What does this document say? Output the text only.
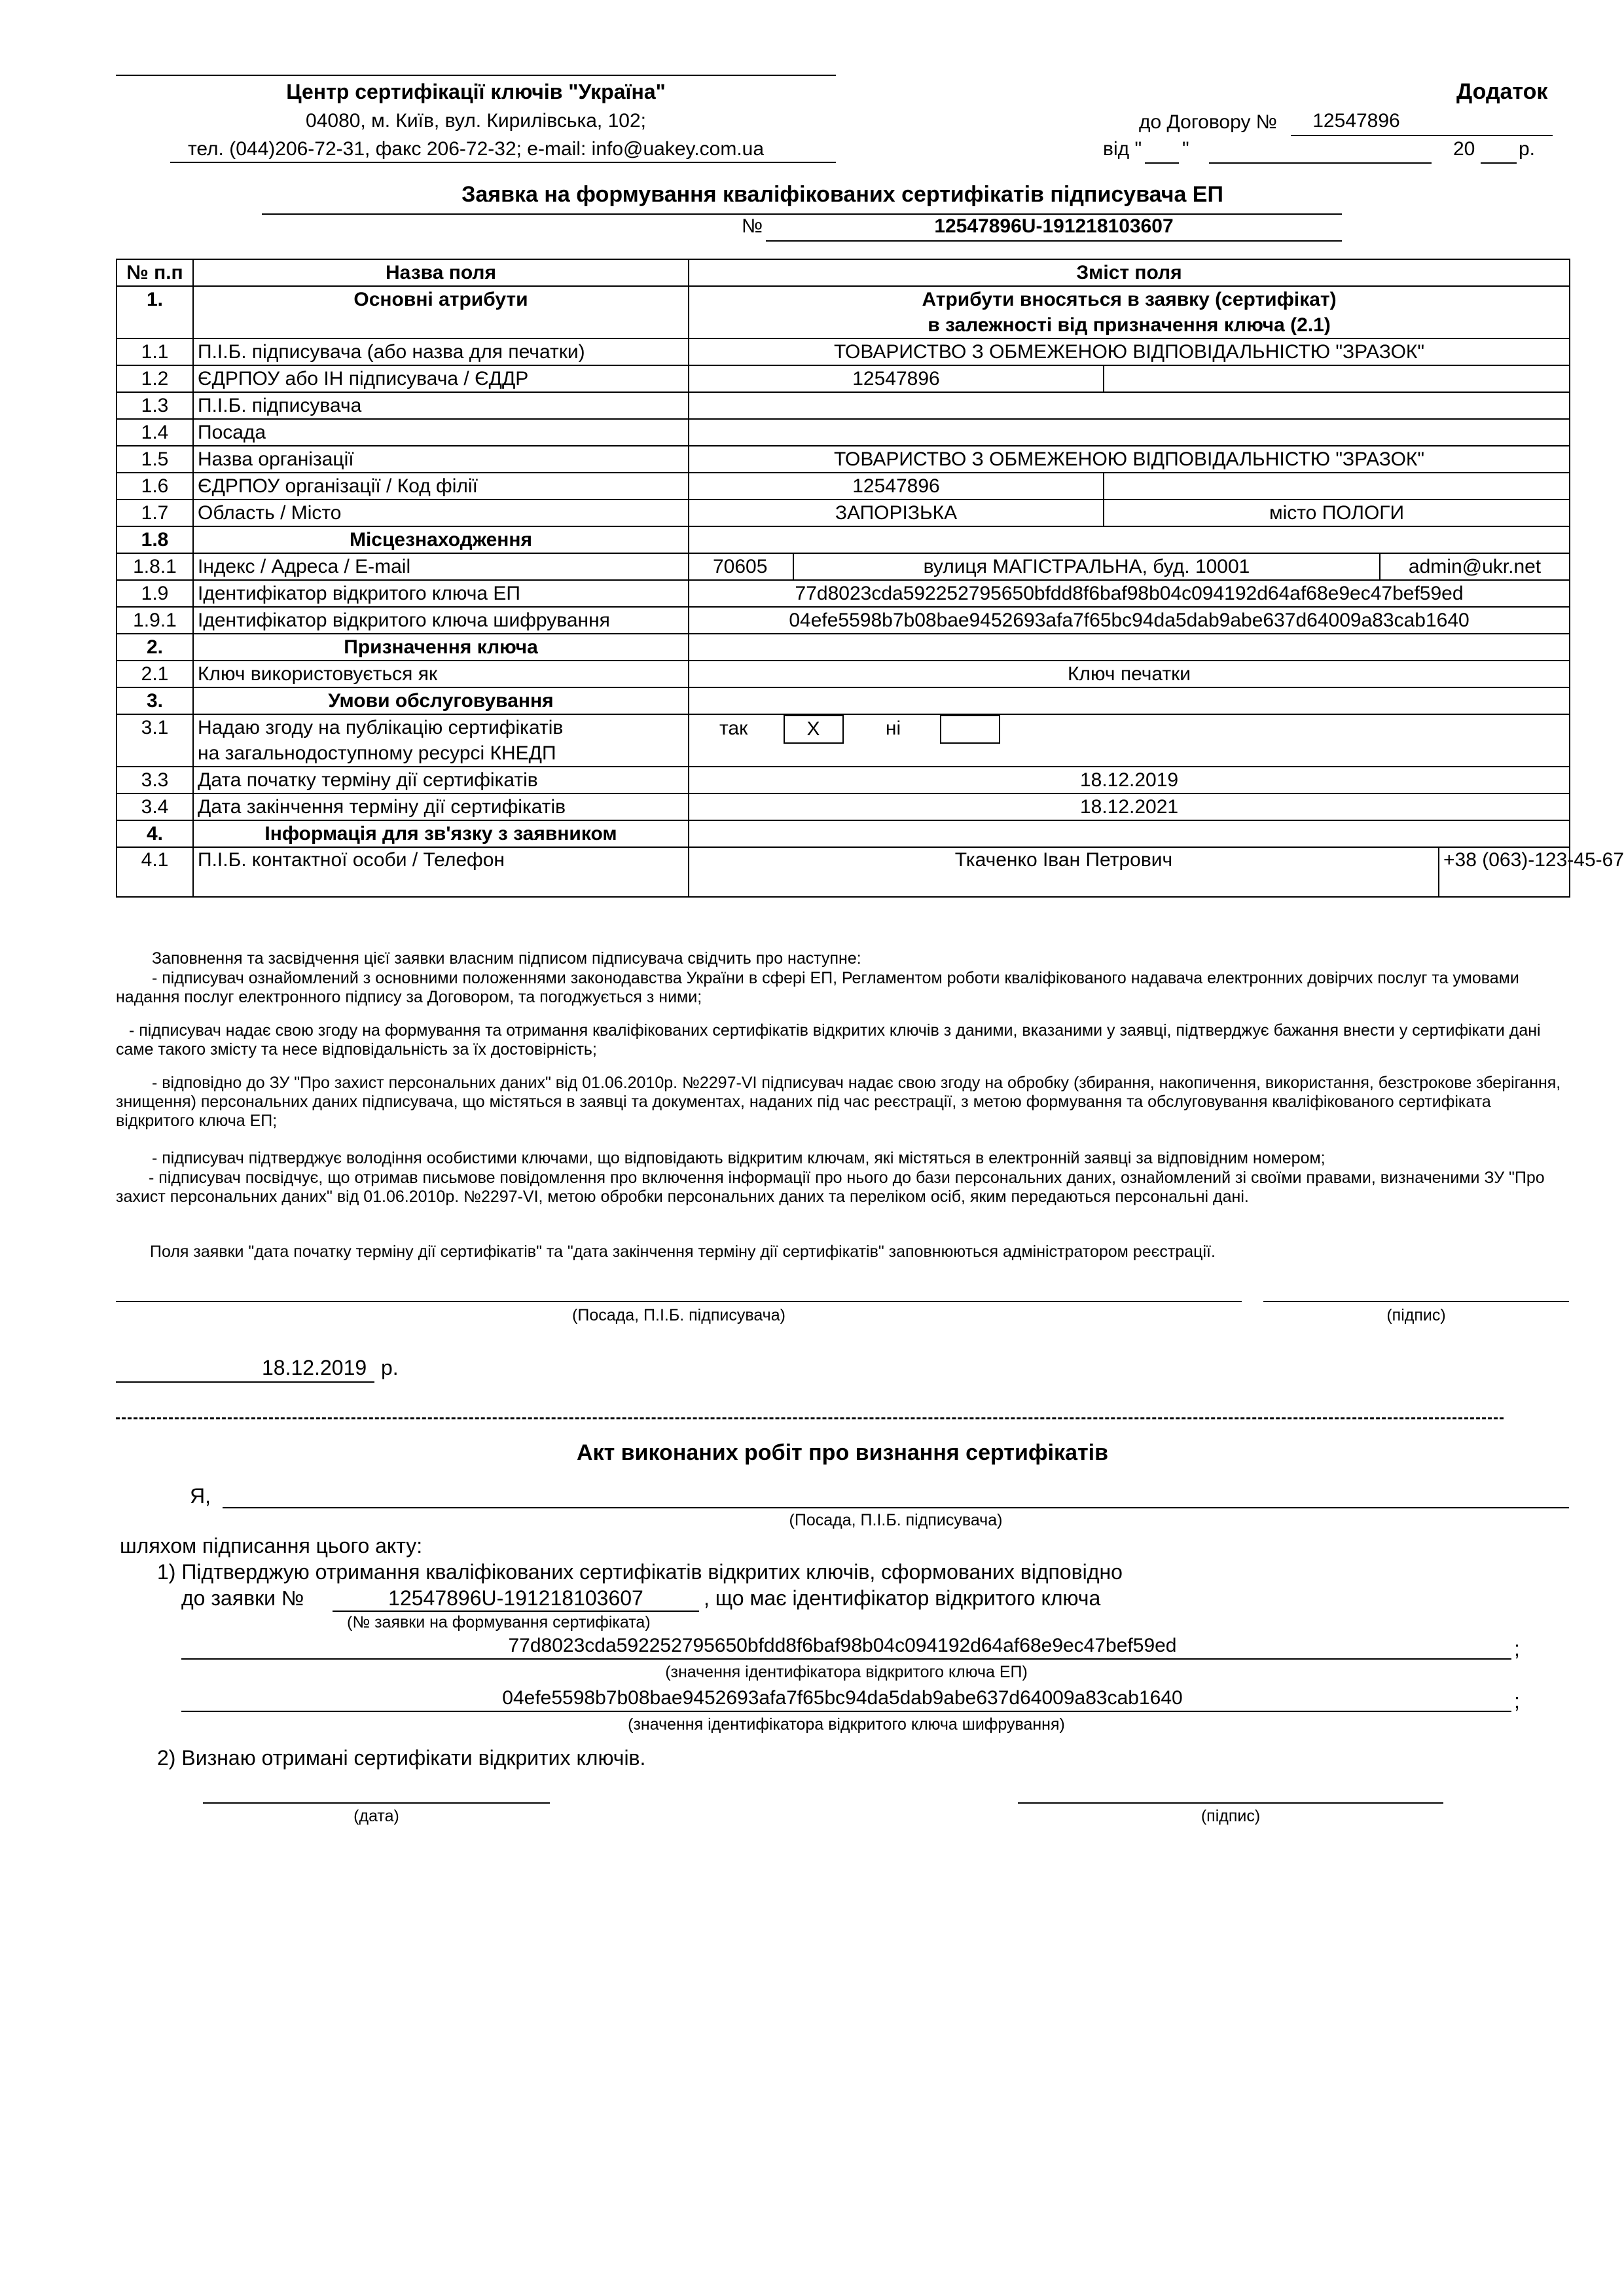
Центр сертифікації ключів "Україна"
04080, м. Київ, вул. Кирилівська, 102;
тел. (044)206-72-31, факс 206-72-32; e-mail: info@uakey.com.ua
Додаток
до Договору №	12547896
від " "	20 р.
Заявка на формування кваліфікованих сертифікатів підписувача ЕП
№	12547896U-191218103607
№ п.п	Назва поля	Зміст поля				
1.	Основні атрибути	Атрибути вносяться в заявку (сертифікат)
в залежності від призначення ключа (2.1)				

1.1	П.І.Б. підписувача (або назва для печатки)	ТОВАРИСТВО З ОБМЕЖЕНОЮ ВІДПОВІДАЛЬНІСТЮ "ЗРАЗОК"				
1.2	ЄДРПОУ або ІН підписувача / ЄДДР	12547896				
1.3	П.І.Б. підписувача					
1.4	Посада					
1.5	Назва організації	ТОВАРИСТВО З ОБМЕЖЕНОЮ ВІДПОВІДАЛЬНІСТЮ "ЗРАЗОК"				
1.6	ЄДРПОУ організації / Код філії	12547896				
1.7	Область / Місто	ЗАПОРІЗЬКА		місто ПОЛОГИ		
1.8	Місцезнаходження					
1.8.1	Індекс / Адреса / E-mail	70605	вулиця МАГІСТРАЛЬНА, буд. 10001		admin@ukr.net	
1.9	Ідентифікатор відкритого ключа ЕП	77d8023cda592252795650bfdd8f6baf98b04c094192d64af68e9ec47bef59ed				
1.9.1	Ідентифікатор відкритого ключа шифрування	04efe5598b7b08bae9452693afa7f65bc94da5dab9abe637d64009a83cab1640				
2.	Призначення ключа					
2.1	Ключ використовується як	Ключ печатки				
3.	Умови обслуговування					
3.1	Надаю згоду на публікацію сертифікатів
на загальнодоступному ресурсі КНЕДП	так X ні				
3.3	Дата початку терміну дії сертифікатів	18.12.2019				
3.4	Дата закінчення терміну дії сертифікатів	18.12.2021				
4.	Інформація для зв'язку з заявником					
4.1	П.І.Б. контактної особи / Телефон	Ткаченко Іван Петрович				+38 (063)-123-45-67
Заповнення та засвідчення цієї заявки власним підписом підписувача свідчить про наступне:
- підписувач ознайомлений з основними положеннями законодавства України в сфері ЕП, Регламентом роботи кваліфікованого надавача електронних довірчих послуг та умовами надання послуг електронного підпису за Договором, та погоджується з ними;
- підписувач надає свою згоду на формування та отримання кваліфікованих сертифікатів відкритих ключів з даними, вказаними у заявці, підтверджує бажання внести у сертифікати дані саме такого змісту та несе відповідальність за їх достовірність;
- відповідно до ЗУ "Про захист персональних даних" від 01.06.2010р. №2297-VI підписувач надає свою згоду на обробку (збирання, накопичення, використання, безстрокове зберігання, знищення) персональних даних підписувача, що містяться в заявці та документах, наданих під час реєстрації, з метою формування та обслуговування кваліфікованого сертифіката відкритого ключа ЕП;
- підписувач підтверджує володіння особистими ключами, що відповідають відкритим ключам, які містяться в електронній заявці за відповідним номером;
- підписувач посвідчує, що отримав письмове повідомлення про включення інформації про нього до бази персональних даних, ознайомлений зі своїми правами, визначеними ЗУ "Про захист персональних даних" від 01.06.2010р. №2297-VI, метою обробки персональних даних та переліком осіб, яким передаються персональні дані.
Поля заявки "дата початку терміну дії сертифікатів" та "дата закінчення терміну дії сертифікатів" заповнюються адміністратором реєстрації.
(Посада, П.І.Б. підписувача)	(підпис)
18.12.2019 р.
Акт виконаних робіт про визнання сертифікатів
Я,
(Посада, П.І.Б. підписувача)
шляхом підписання цього акту:
1) Підтверджую отримання кваліфікованих сертифікатів відкритих ключів, сформованих відповідно
до заявки №	12547896U-191218103607	, що має ідентифікатор відкритого ключа
(№ заявки на формування сертифіката)
77d8023cda592252795650bfdd8f6baf98b04c094192d64af68e9ec47bef59ed	;
(значення ідентифікатора відкритого ключа ЕП)
04efe5598b7b08bae9452693afa7f65bc94da5dab9abe637d64009a83cab1640	;
(значення ідентифікатора відкритого ключа шифрування)
2) Визнаю отримані сертифікати відкритих ключів.
(дата)	(підпис)
